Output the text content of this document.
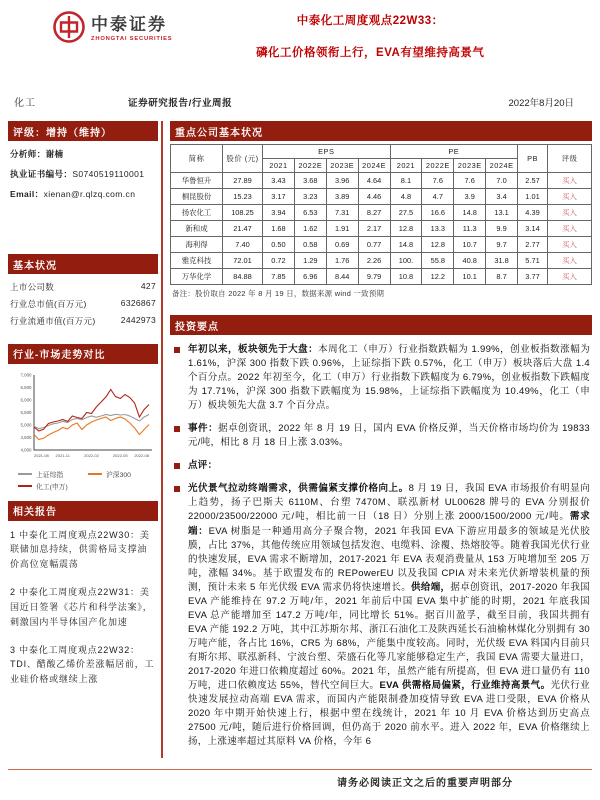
中泰证券
ZHONGTAI SECURITIES
中泰化工周度观点22W33：
磷化工价格领衔上行，EVA有望维持高景气
化工	证券研究报告/行业周报	2022年8月20日
评级：增持（维持）
分析师：谢楠
执业证书编号：S0740519110001
Email：xienan@r.qlzq.com.cn
基本状况
上市公司数	427
行业总市值(百万元)	6326867
行业流通市值(百万元)	2442973
行业-市场走势对比
7,000
6,500
6,000
5,500
5,000
4,500
4,000
2021-08 2021-11	2022-02	2022-05 2022-08
上证综指	沪深300
化工(申万)
相关报告
1 中泰化工周度观点22W30：美联储加息持续，供需格局支撑油价高位宽幅震荡
2 中泰化工周度观点22W31：美国近日签署《芯片和科学法案》，刺激国内半导体国产化加速
3 中泰化工周度观点22W32：TDI、醋酸乙烯价差涨幅居前，工业硅价格或继续上涨
重点公司基本状况
简称	股价 (元)	EPS				PE				PB	评级
		2021	2022E	2023E	2024E	2021	2022E	2023E	2024E		
华鲁恒升	27.89	3.43	3.68	3.96	4.64	8.1	7.6	7.6	7.0	2.57	买入
桐昆股份	15.23	3.17	3.23	3.89	4.46	4.8	4.7	3.9	3.4	1.01	买入
扬农化工	108.25	3.94	6.53	7.31	8.27	27.5	16.6	14.8	13.1	4.39	买入
新和成	21.47	1.68	1.62	1.91	2.17	12.8	13.3	11.3	9.9	3.14	买入
海利得	7.40	0.50	0.58	0.69	0.77	14.8	12.8	10.7	9.7	2.77	买入
雅克科技	72.01	0.72	1.29	1.76	2.26	100.	55.8	40.8	31.8	5.71	买入
万华化学	84.88	7.85	6.96	8.44	9.79	10.8	12.2	10.1	8.7	3.77	买入
备注：股价取自 2022 年 8 月 19 日，数据来源 wind 一致预期
投资要点
年初以来，板块领先于大盘：本周化工（申万）行业指数跌幅为 1.99%，创业板指数涨幅为 1.61%，沪深 300 指数下跌 0.96%，上证综指下跌 0.57%，化工（申万）板块落后大盘 1.4 个百分点。2022 年初至今，化工（申万）行业指数下跌幅度为 6.79%，创业板指数下跌幅度为 17.71%，沪深 300 指数下跌幅度为 15.98%，上证综指下跌幅度为 10.49%，化工（申万）板块领先大盘 3.7 个百分点。
事件：据卓创资讯，2022 年 8 月 19 日，国内 EVA 价格反弹，当天价格市场均价为 19833 元/吨，相比 8 月 18 日上涨 3.03%。
点评：
光伏景气拉动终端需求，供需偏紧支撑价格向上。8 月 19 日，我国 EVA 市场报价有明显向上趋势，扬子巴斯夫 6110M、台塑 7470M、联泓新材 UL00628 牌号的 EVA 分别报价 22000/23500/22000 元/吨，相比前一日（18 日）分别上涨 2000/1500/2000 元/吨。需求端：EVA 树脂是一种通用高分子聚合物，2021 年我国 EVA 下游应用最多的领域是光伏胶膜，占比 37%，其他传统应用领域包括发泡、电缆料、涂覆、热熔胶等。随着我国光伏行业的快速发展，EVA 需求不断增加，2017-2021 年 EVA 表观消费量从 153 万吨增加至 205 万吨，涨幅 34%。基于欧盟发布的 REPowerEU 以及我国 CPIA 对未来光伏新增装机量的预测，预计未来 5 年光伏级 EVA 需求仍将快速增长。供给端，据卓创资讯，2017-2020 年我国 EVA 产能维持在 97.2 万吨/年，2021 年前后中国 EVA 集中扩能的时期，2021 年底我国 EVA 总产能增加至 147.2 万吨/年，同比增长 51%。据百川盈孚，截至目前，我国共拥有 EVA 产能 192.2 万吨，其中江苏斯尔邦、浙江石油化工及陕西延长石油榆林煤化分别拥有 30 万吨产能，各占比 16%，CR5 为 68%，产能集中度较高。同时，光伏级 EVA 料国内目前只有斯尔邦、联泓新科、宁波台塑、荣盛石化等几家能够稳定生产，我国 EVA 需要大量进口，2017-2020 年进口依赖度超过 60%。2021 年，虽然产能有所提高，但 EVA 进口量仍有 110 万吨，进口依赖度达 55%，替代空间巨大。EVA 供需格局偏紧，行业维持高景气。光伏行业快速发展拉动高端 EVA 需求，而国内产能限制叠加疫情导致 EVA 进口受限，EVA 价格从 2020 年中期开始快速上行，根据中塑在线统计，2021 年 10 月 EVA 价格达到历史高点 27500 元/吨，随后进行价格回调，但仍高于 2020 前水平。进入 2022 年，EVA 价格继续上扬，上涨速率超过其原料 VA 价格，今年 6
请务必阅读正文之后的重要声明部分
